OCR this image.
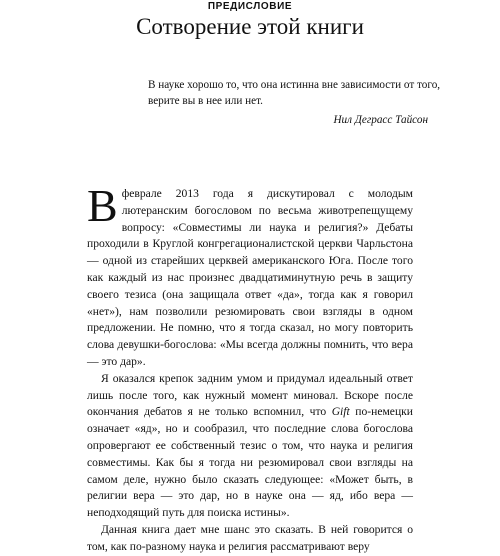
ПРЕДИСЛОВИЕ
Сотворение этой книги

В науке хорошо то, что она истинна вне зависимости от того, верите вы в нее или нет.

Нил Деграсс Тайсон

Вфеврале 2013 года я дискутировал с молодым лютеранским богословом по весьма животрепещущему вопросу: «Совместимы ли наука и религия?» Дебаты проходили в Круглой конгрегационалистской церкви Чарльстона — одной из старейших церквей американского Юга. После того как каждый из нас произнес двадцатиминутную речь в защиту своего тезиса (она защищала ответ «да», тогда как я говорил «нет»), нам позволили резюмировать свои взгляды в одном предложении. Не помню, что я тогда сказал, но могу повторить слова девушки-богослова: «Мы всегда должны помнить, что вера — это дар».

Я оказался крепок задним умом и придумал идеальный ответ лишь после того, как нужный момент миновал. Вскоре после окончания дебатов я не только вспомнил, что Gift по-немецки означает «яд», но и сообразил, что последние слова богослова опровергают ее собственный тезис о том, что наука и религия совместимы. Как бы я тогда ни резюмировал свои взгляды на самом деле, нужно было сказать следующее: «Может быть, в религии вера — это дар, но в науке она — яд, ибо вера — неподходящий путь для поиска истины».

Данная книга дает мне шанс это сказать. В ней говорится о том, как по-разному наука и религия рассматривают веру
